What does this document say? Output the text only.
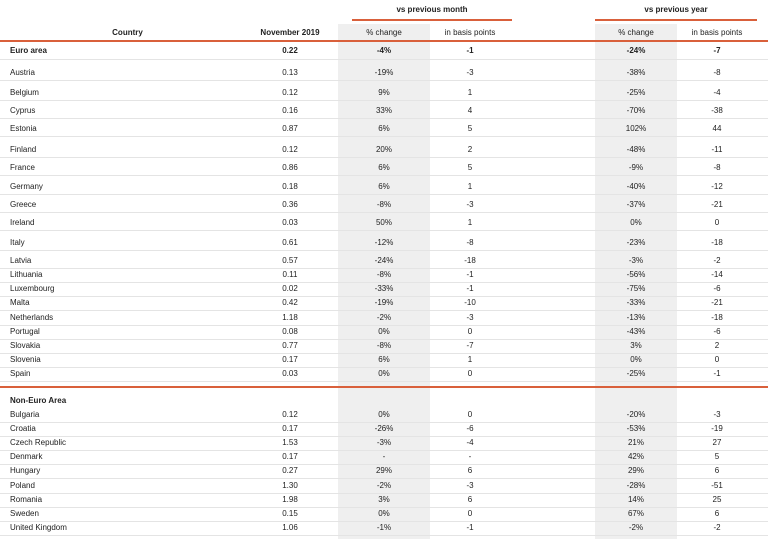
vs previous month	vs previous year
Country	November 2019	% change	in basis points	% change	in basis points
Euro area	0.22	-4%	-1	-24%	-7
Austria	0.13	-19%	-3	-38%	-8
Belgium	0.12	9%	1	-25%	-4
Cyprus	0.16	33%	4	-70%	-38
Estonia	0.87	6%	5	102%	44
Finland	0.12	20%	2	-48%	-11
France	0.86	6%	5	-9%	-8
Germany	0.18	6%	1	-40%	-12
Greece	0.36	-8%	-3	-37%	-21
Ireland	0.03	50%	1	0%	0
Italy	0.61	-12%	-8	-23%	-18
Latvia	0.57	-24%	-18	-3%	-2
Lithuania	0.11	-8%	-1	-56%	-14
Luxembourg	0.02	-33%	-1	-75%	-6
Malta	0.42	-19%	-10	-33%	-21
Netherlands	1.18	-2%	-3	-13%	-18
Portugal	0.08	0%	0	-43%	-6
Slovakia	0.77	-8%	-7	3%	2
Slovenia	0.17	6%	1	0%	0
Spain	0.03	0%	0	-25%	-1
Non-Euro Area
Bulgaria	0.12	0%	0	-20%	-3
Croatia	0.17	-26%	-6	-53%	-19
Czech Republic	1.53	-3%	-4	21%	27
Denmark	0.17	-	-	42%	5
Hungary	0.27	29%	6	29%	6
Poland	1.30	-2%	-3	-28%	-51
Romania	1.98	3%	6	14%	25
Sweden	0.15	0%	0	67%	6
United Kingdom	1.06	-1%	-1	-2%	-2
